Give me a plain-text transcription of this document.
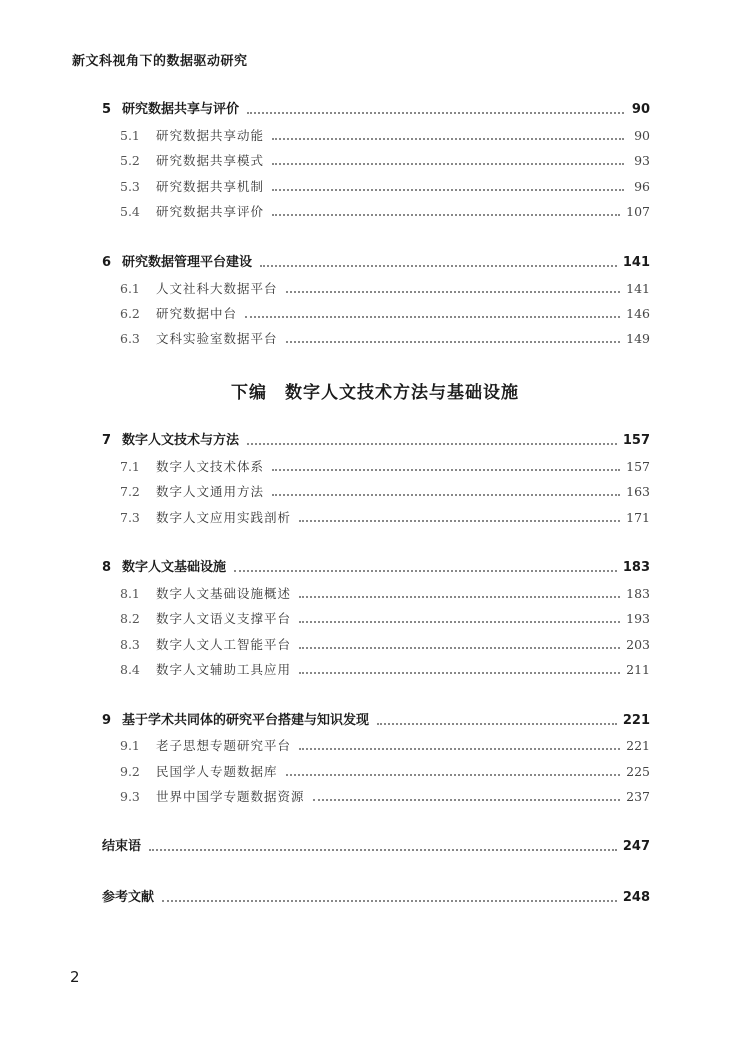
新文科视角下的数据驱动研究
5 研究数据共享与评价	90
5.1	研究数据共享动能	90
5.2	研究数据共享模式	93
5.3	研究数据共享机制	96
5.4	研究数据共享评价	107
6 研究数据管理平台建设	141
6.1	人文社科大数据平台	141
6.2	研究数据中台	146
6.3	文科实验室数据平台	149
下编　数字人文技术方法与基础设施
7 数字人文技术与方法	157
7.1	数字人文技术体系	157
7.2	数字人文通用方法	163
7.3	数字人文应用实践剖析	171
8 数字人文基础设施	183
8.1	数字人文基础设施概述	183
8.2	数字人文语义支撑平台	193
8.3	数字人文人工智能平台	203
8.4	数字人文辅助工具应用	211
9 基于学术共同体的研究平台搭建与知识发现	221
9.1	老子思想专题研究平台	221
9.2	民国学人专题数据库	225
9.3	世界中国学专题数据资源	237
结束语	247
参考文献	248
2
